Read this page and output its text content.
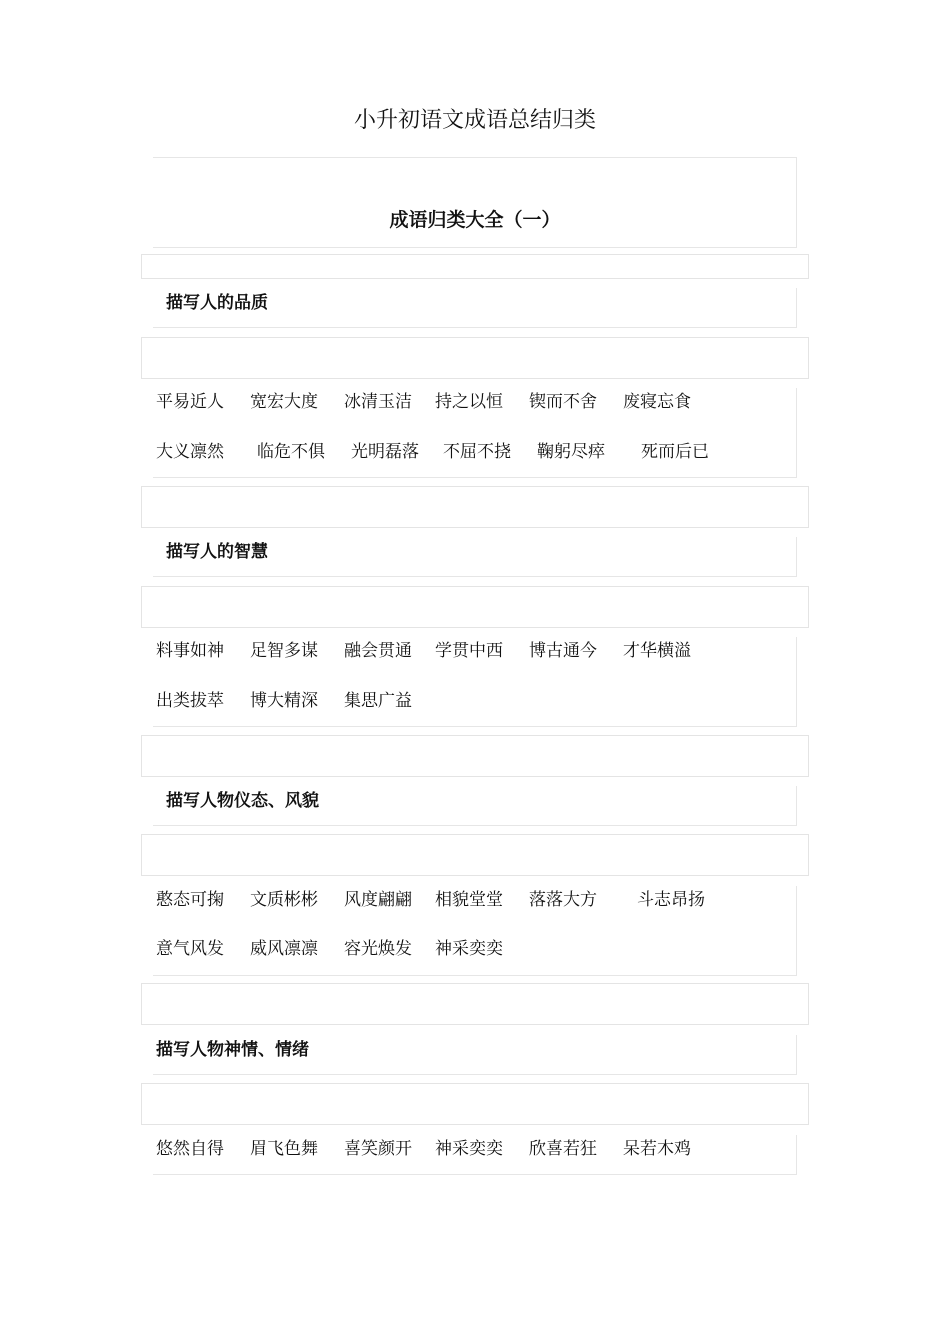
小升初语文成语总结归类
成语归类大全（一）
描写人的品质
平易近人 宽宏大度 冰清玉洁 持之以恒 锲而不舍 废寝忘食
大义凛然 临危不俱 光明磊落 不屈不挠 鞠躬尽瘁 死而后已
描写人的智慧
料事如神 足智多谋 融会贯通 学贯中西 博古通今 才华横溢
出类拔萃 博大精深 集思广益
描写人物仪态、风貌
憨态可掬 文质彬彬 风度翩翩 相貌堂堂 落落大方 斗志昂扬
意气风发 威风凛凛 容光焕发 神采奕奕
描写人物神情、情绪
悠然自得 眉飞色舞 喜笑颜开 神采奕奕 欣喜若狂 呆若木鸡
